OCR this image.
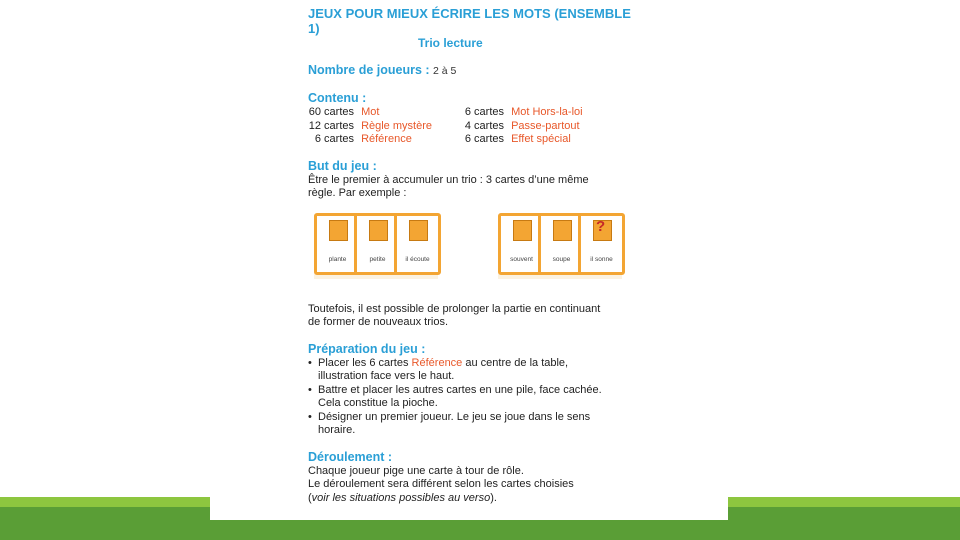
JEUX POUR MIEUX ÉCRIRE LES MOTS (ENSEMBLE 1)
Trio lecture
Nombre de joueurs : 2 à 5
Contenu :
60 cartes Mot	6 cartes Mot Hors-la-loi
12 cartes Règle mystère	4 cartes Passe-partout
6 cartes Référence	6 cartes Effet spécial
But du jeu :

Être le premier à accumuler un trio : 3 cartes d’une même

règle. Par exemple :

plante	petite	il écoute	souvent	soupe
?	il sonne

Toutefois, il est possible de prolonger la partie en continuant

de former de nouveaux trios.

Préparation du jeu :
• Placer les 6 cartes Référence au centre de la table,
illustration face vers le haut.
• Battre et placer les autres cartes en une pile, face cachée.
Cela constitue la pioche.
• Désigner un premier joueur. Le jeu se joue dans le sens
horaire.
Déroulement :

Chaque joueur pige une carte à tour de rôle.

Le déroulement sera différent selon les cartes choisies

(voir les situations possibles au verso).
